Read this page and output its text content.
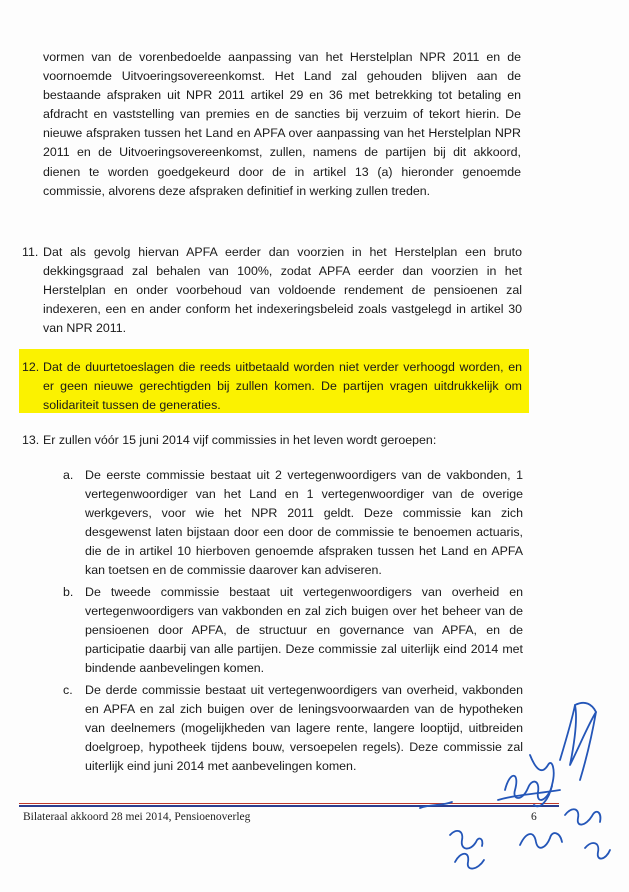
vormen van de vorenbedoelde aanpassing van het Herstelplan NPR 2011 en de voornoemde Uitvoeringsovereenkomst. Het Land zal gehouden blijven aan de bestaande afspraken uit NPR 2011 artikel 29 en 36 met betrekking tot betaling en afdracht en vaststelling van premies en de sancties bij verzuim of tekort hierin. De nieuwe afspraken tussen het Land en APFA over aanpassing van het Herstelplan NPR 2011 en de Uitvoeringsovereenkomst, zullen, namens de partijen bij dit akkoord, dienen te worden goedgekeurd door de in artikel 13 (a) hieronder genoemde commissie, alvorens deze afspraken definitief in werking zullen treden.
11. Dat als gevolg hiervan APFA eerder dan voorzien in het Herstelplan een bruto dekkingsgraad zal behalen van 100%, zodat APFA eerder dan voorzien in het Herstelplan en onder voorbehoud van voldoende rendement de pensioenen zal indexeren, een en ander conform het indexeringsbeleid zoals vastgelegd in artikel 30 van NPR 2011.
12. Dat de duurtetoeslagen die reeds uitbetaald worden niet verder verhoogd worden, en er geen nieuwe gerechtigden bij zullen komen. De partijen vragen uitdrukkelijk om solidariteit tussen de generaties.
13. Er zullen vóór 15 juni 2014 vijf commissies in het leven wordt geroepen:
a. De eerste commissie bestaat uit 2 vertegenwoordigers van de vakbonden, 1 vertegenwoordiger van het Land en 1 vertegenwoordiger van de overige werkgevers, voor wie het NPR 2011 geldt. Deze commissie kan zich desgewenst laten bijstaan door een door de commissie te benoemen actuaris, die de in artikel 10 hierboven genoemde afspraken tussen het Land en APFA kan toetsen en de commissie daarover kan adviseren.
b. De tweede commissie bestaat uit vertegenwoordigers van overheid en vertegenwoordigers van vakbonden en zal zich buigen over het beheer van de pensioenen door APFA, de structuur en governance van APFA, en de participatie daarbij van alle partijen. Deze commissie zal uiterlijk eind 2014 met bindende aanbevelingen komen.
c. De derde commissie bestaat uit vertegenwoordigers van overheid, vakbonden en APFA en zal zich buigen over de leningsvoorwaarden van de hypotheken van deelnemers (mogelijkheden van lagere rente, langere looptijd, uitbreiden doelgroep, hypotheek tijdens bouw, versoepelen regels). Deze commissie zal uiterlijk eind juni 2014 met aanbevelingen komen.
Bilateraal akkoord 28 mei 2014, Pensioenoverleg	6
